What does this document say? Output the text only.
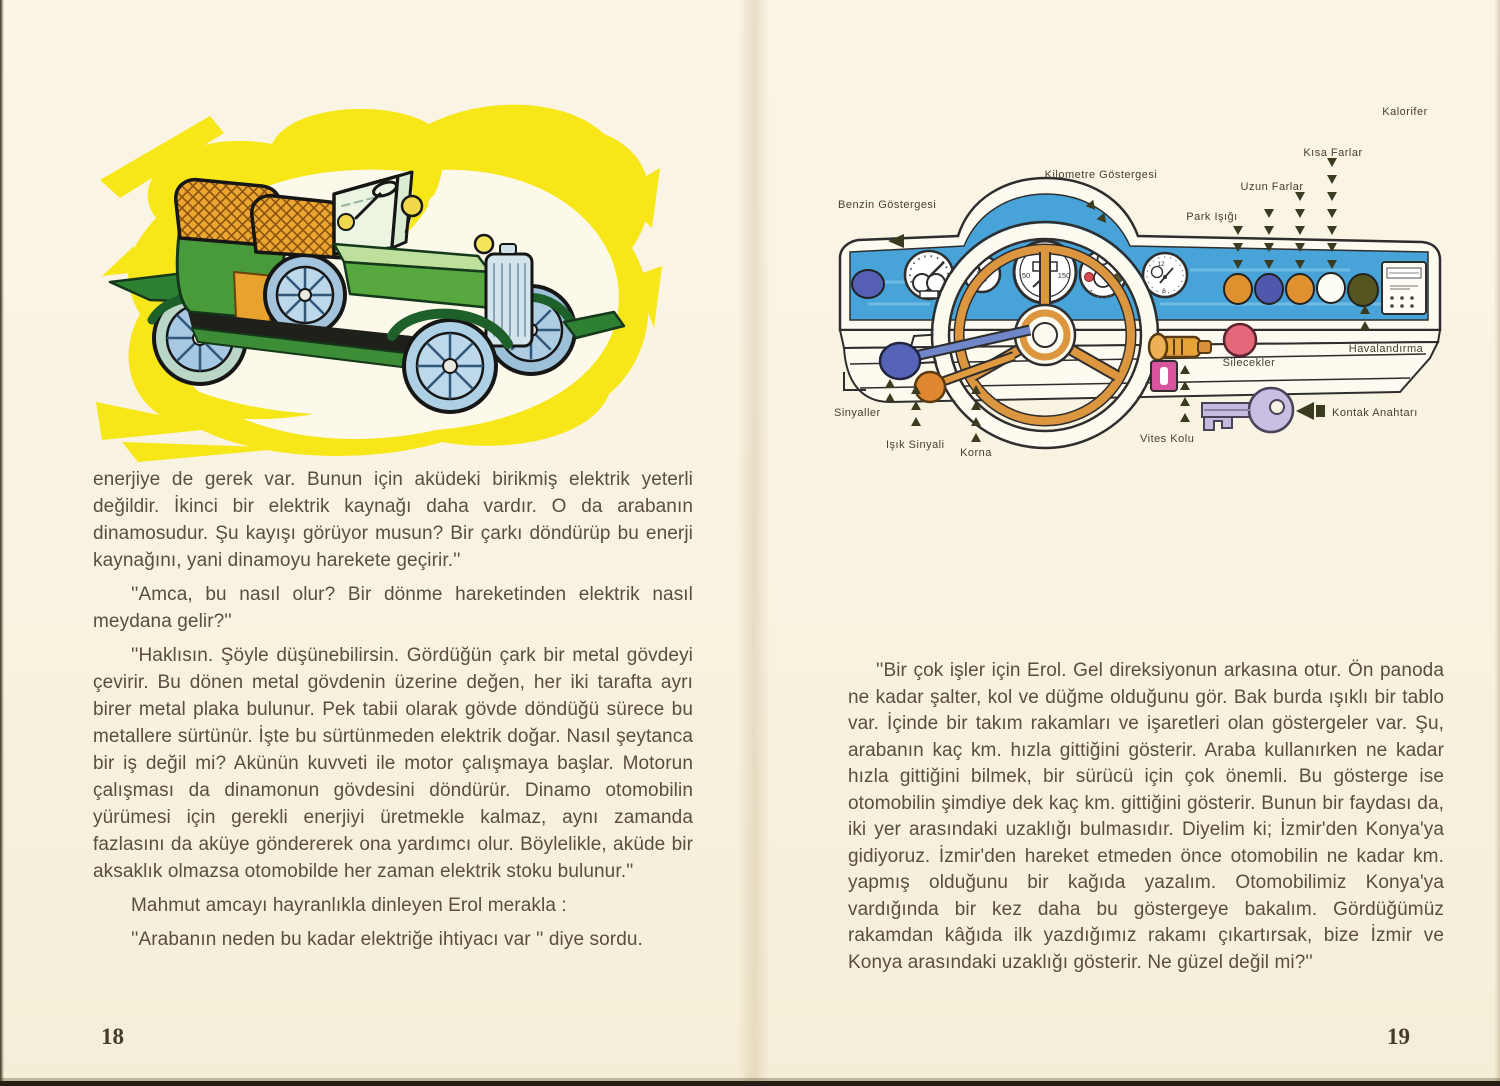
enerjiye de gerek var. Bunun için aküdeki birikmiş elektrik yeterli değildir. İkinci bir elektrik kaynağı daha vardır. O da arabanın dinamosudur. Şu kayışı görüyor musun? Bir çarkı döndürüp bu enerji kaynağını, yani dinamoyu harekete geçirir.''

''Amca, bu nasıl olur? Bir dönme hareketinden elektrik nasıl meydana gelir?''

''Haklısın. Şöyle düşünebilirsin. Gördüğün çark bir metal gövdeyi çevirir. Bu dönen metal gövdenin üzerine değen, her iki tarafta ayrı birer metal plaka bulunur. Pek tabii olarak gövde döndüğü sürece bu metallere sürtünür. İşte bu sürtünmeden elektrik doğar. Nasıl şeytanca bir iş değil mi? Akünün kuvveti ile motor çalışmaya başlar. Motorun çalışması da dinamonun gövdesini döndürür. Dinamo otomobilin yürümesi için gerekli enerjiyi üretmekle kalmaz, aynı zamanda fazlasını da aküye göndererek ona yardımcı olur. Böylelikle, aküde bir aksaklık olmazsa otomobilde her zaman elektrik stoku bulunur.''

Mahmut amcayı hayranlıkla dinleyen Erol merakla :

''Arabanın neden bu kadar elektriğe ihtiyacı var '' diye sordu.

18
50	150
12
6
Kalorifer
Kısa Farlar
Uzun Farlar
Kilometre Göstergesi
Park Işığı
Benzin Göstergesi
Havalandırma
Silecekler
Sinyaller
Işık Sinyali
Korna
Vites Kolu
Kontak Anahtarı

''Bir çok işler için Erol. Gel direksiyonun arkasına otur. Ön panoda ne kadar şalter, kol ve düğme olduğunu gör. Bak burda ışıklı bir tablo var. İçinde bir takım rakamları ve işaretleri olan göstergeler var. Şu, arabanın kaç km. hızla gittiğini gösterir. Araba kullanırken ne kadar hızla gittiğini bilmek, bir sürücü için çok önemli. Bu gösterge ise otomobilin şimdiye dek kaç km. gittiğini gösterir. Bunun bir faydası da, iki yer arasındaki uzaklığı bulmasıdır. Diyelim ki; İzmir'den Konya'ya gidiyoruz. İzmir'den hareket etmeden önce otomobilin ne kadar km. yapmış olduğunu bir kağıda yazalım. Otomobilimiz Konya'ya vardığında bir kez daha bu göstergeye bakalım. Gördüğümüz rakamdan kâğıda ilk yazdığımız rakamı çıkartırsak, bize İzmir ve Konya arasındaki uzaklığı gösterir. Ne güzel değil mi?''

19
